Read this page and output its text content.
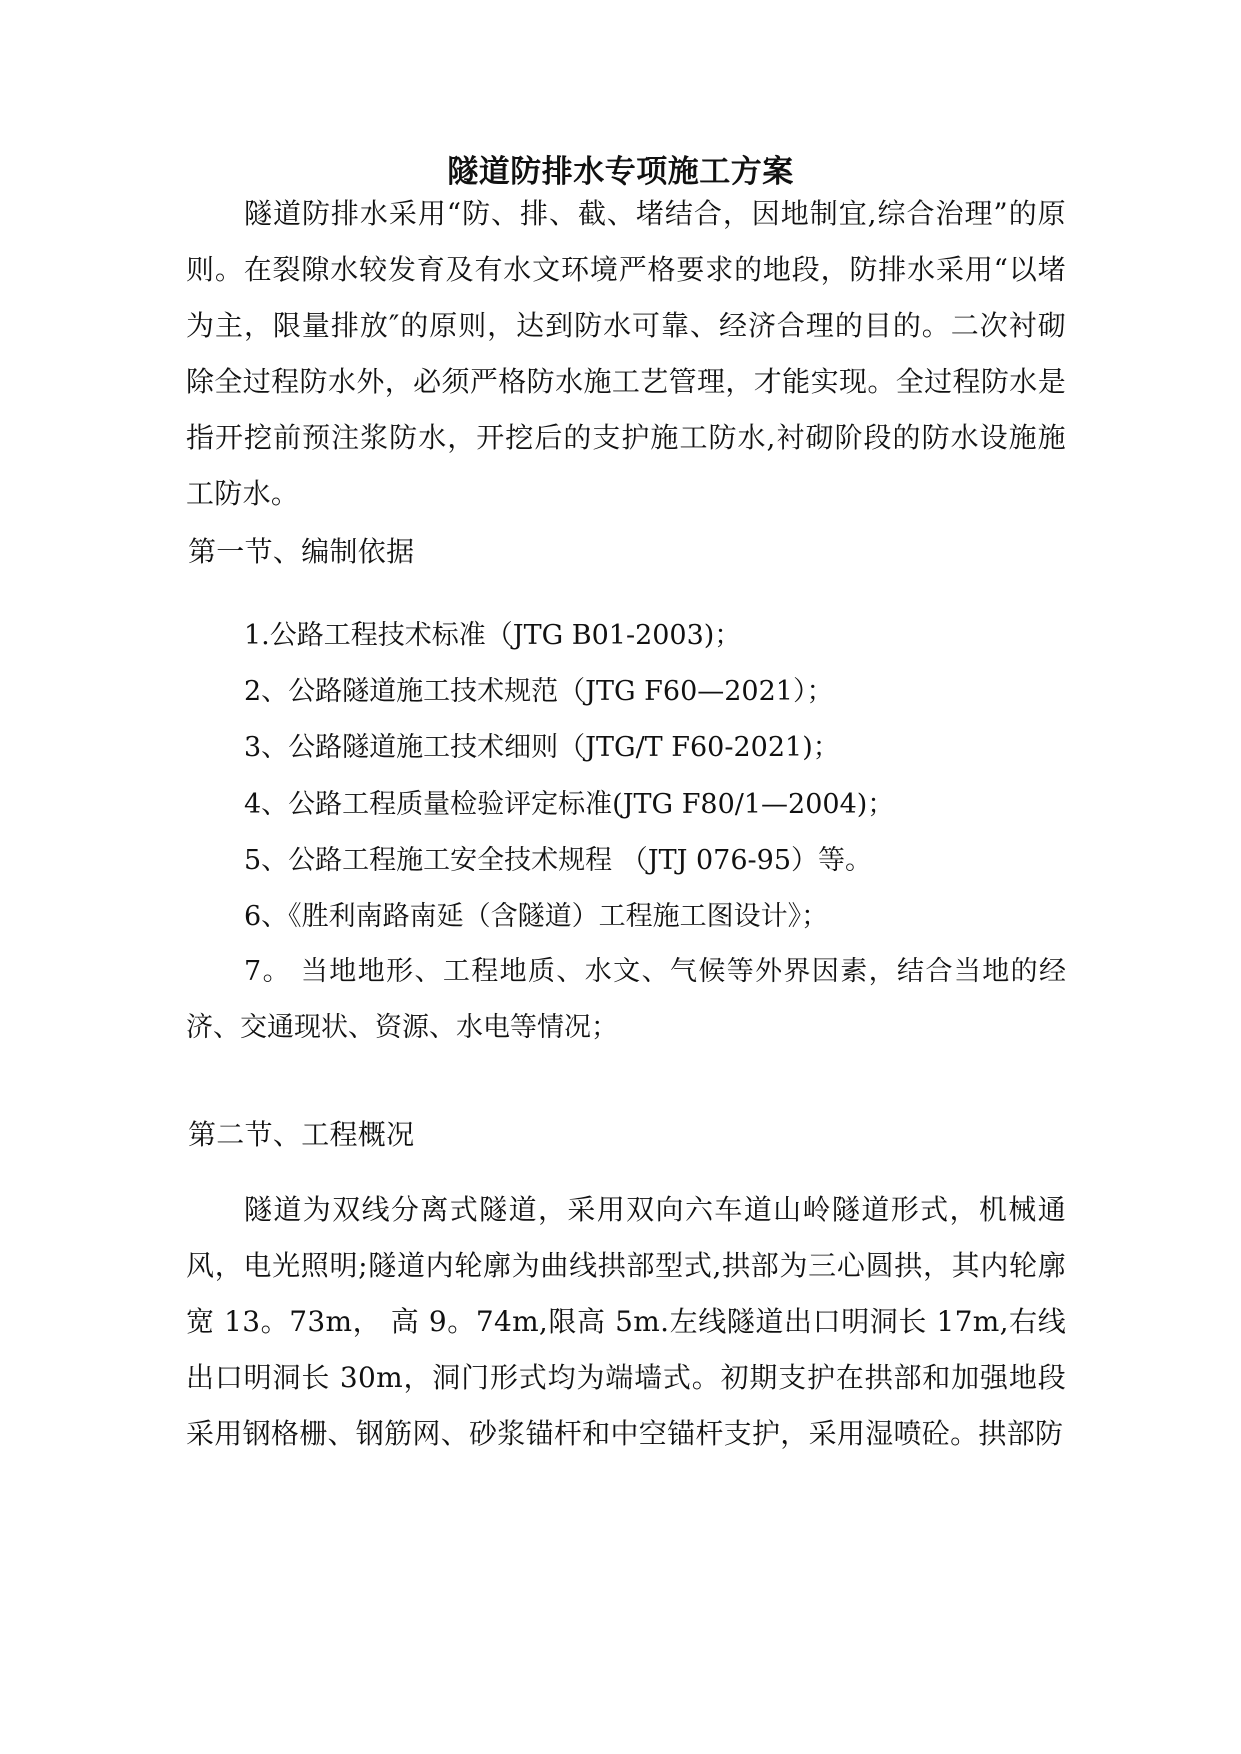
隧道防排水专项施工方案
隧道防排水采用“防、排、截、堵结合，因地制宜,综合治理”的原则。在裂隙水较发育及有水文环境严格要求的地段，防排水采用“以堵为主，限量排放″的原则，达到防水可靠、经济合理的目的。二次衬砌除全过程防水外，必须严格防水施工艺管理，才能实现。全过程防水是指开挖前预注浆防水，开挖后的支护施工防水,衬砌阶段的防水设施施工防水。
第一节、编制依据
1.公路工程技术标准（JTG B01-2003)；
2、公路隧道施工技术规范（JTG F60—2021）；
3、公路隧道施工技术细则（JTG/T F60-2021)；
4、公路工程质量检验评定标准(JTG F80/1—2004)；
5、公路工程施工安全技术规程 （JTJ 076-95）等。
6、《胜利南路南延（含隧道）工程施工图设计》；
7。 当地地形、工程地质、水文、气候等外界因素，结合当地的经济、交通现状、资源、水电等情况；
第二节、工程概况
隧道为双线分离式隧道，采用双向六车道山岭隧道形式，机械通风，电光照明;隧道内轮廓为曲线拱部型式,拱部为三心圆拱，其内轮廓宽 13。73m， 高 9。74m,限高 5m.左线隧道出口明洞长 17m,右线出口明洞长 30m，洞门形式均为端墙式。初期支护在拱部和加强地段采用钢格栅、钢筋网、砂浆锚杆和中空锚杆支护，采用湿喷砼。拱部防
